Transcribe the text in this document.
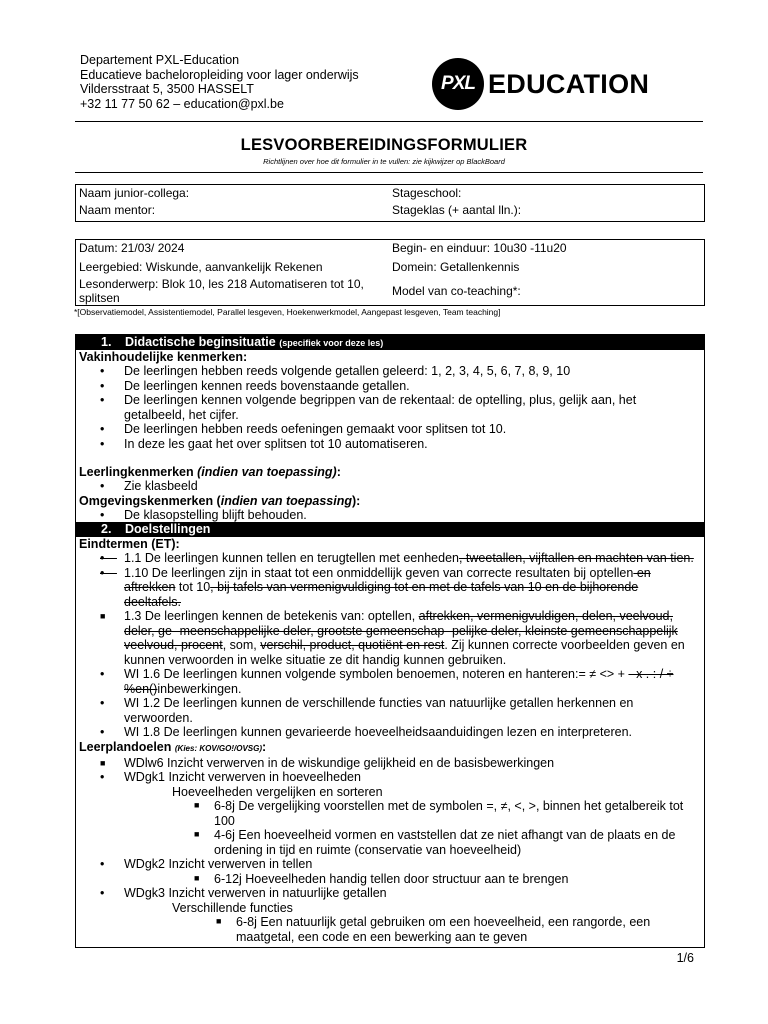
Departement PXL-Education
Educatieve bacheloropleiding voor lager onderwijs
Vildersstraat 5, 3500 HASSELT
+32 11 77 50 62 – education@pxl.be
PXL EDUCATION
LESVOORBEREIDINGSFORMULIER
Richtlijnen over hoe dit formulier in te vullen: zie kijkwijzer op BlackBoard
Naam junior-collega:	Stageschool:
Naam mentor:	Stageklas (+ aantal lln.):
Datum: 21/03/ 2024	Begin- en einduur: 10u30 -11u20
Leergebied: Wiskunde, aanvankelijk Rekenen	Domein: Getallenkennis
Lesonderwerp: Blok 10, les 218 Automatiseren tot 10, splitsen	Model van co-teaching*:
*[Observatiemodel, Assistentiemodel, Parallel lesgeven, Hoekenwerkmodel, Aangepast lesgeven, Team teaching]
1. Didactische beginsituatie (specifiek voor deze les)
Vakinhoudelijke kenmerken:
• De leerlingen hebben reeds volgende getallen geleerd: 1, 2, 3, 4, 5, 6, 7, 8, 9, 10
• De leerlingen kennen reeds bovenstaande getallen.
• De leerlingen kennen volgende begrippen van de rekentaal: de optelling, plus, gelijk aan, het getalbeeld, het cijfer.
• De leerlingen hebben reeds oefeningen gemaakt voor splitsen tot 10.
• In deze les gaat het over splitsen tot 10 automatiseren.
Leerlingkenmerken (indien van toepassing):
• Zie klasbeeld
Omgevingskenmerken (indien van toepassing):
• De klasopstelling blijft behouden.
2. Doelstellingen
Eindtermen (ET):
•— 1.1 De leerlingen kunnen tellen en terugtellen met eenheden, tweetallen, vijftallen en machten van tien.
•— 1.10 De leerlingen zijn in staat tot een onmiddellijk geven van correcte resultaten bij optellen en aftrekken tot 10, bij tafels van vermenigvuldiging tot en met de tafels van 10 en de bijhorende deeltafels.
■ 1.3 De leerlingen kennen de betekenis van: optellen, aftrekken, vermenigvuldigen, delen, veelvoud, deler, ge- meenschappelijke deler, grootste gemeenschap- pelijke deler, kleinste gemeenschappelijk veelvoud, procent, som, verschil, product, quotiënt en rest. Zij kunnen correcte voorbeelden geven en kunnen verwoorden in welke situatie ze dit handig kunnen gebruiken.
• WI 1.6 De leerlingen kunnen volgende symbolen benoemen, noteren en hanteren:= ≠ <> + - x . : / ÷ %en()inbewerkingen.
• WI 1.2 De leerlingen kunnen de verschillende functies van natuurlijke getallen herkennen en verwoorden.
• WI 1.8 De leerlingen kunnen gevarieerde hoeveelheidsaanduidingen lezen en interpreteren.
Leerplandoelen (Kies: KOV/GO!/OVSG):
■ WDlw6 Inzicht verwerven in de wiskundige gelijkheid en de basisbewerkingen
• WDgk1 Inzicht verwerven in hoeveelheden
Hoeveelheden vergelijken en sorteren
■ 6-8j De vergelijking voorstellen met de symbolen =, ≠, <, >, binnen het getalbereik tot 100
■ 4-6j Een hoeveelheid vormen en vaststellen dat ze niet afhangt van de plaats en de ordening in tijd en ruimte (conservatie van hoeveelheid)
• WDgk2 Inzicht verwerven in tellen
■ 6-12j Hoeveelheden handig tellen door structuur aan te brengen
• WDgk3 Inzicht verwerven in natuurlijke getallen
Verschillende functies
■ 6-8j Een natuurlijk getal gebruiken om een hoeveelheid, een rangorde, een maatgetal, een code en een bewerking aan te geven
1/6
